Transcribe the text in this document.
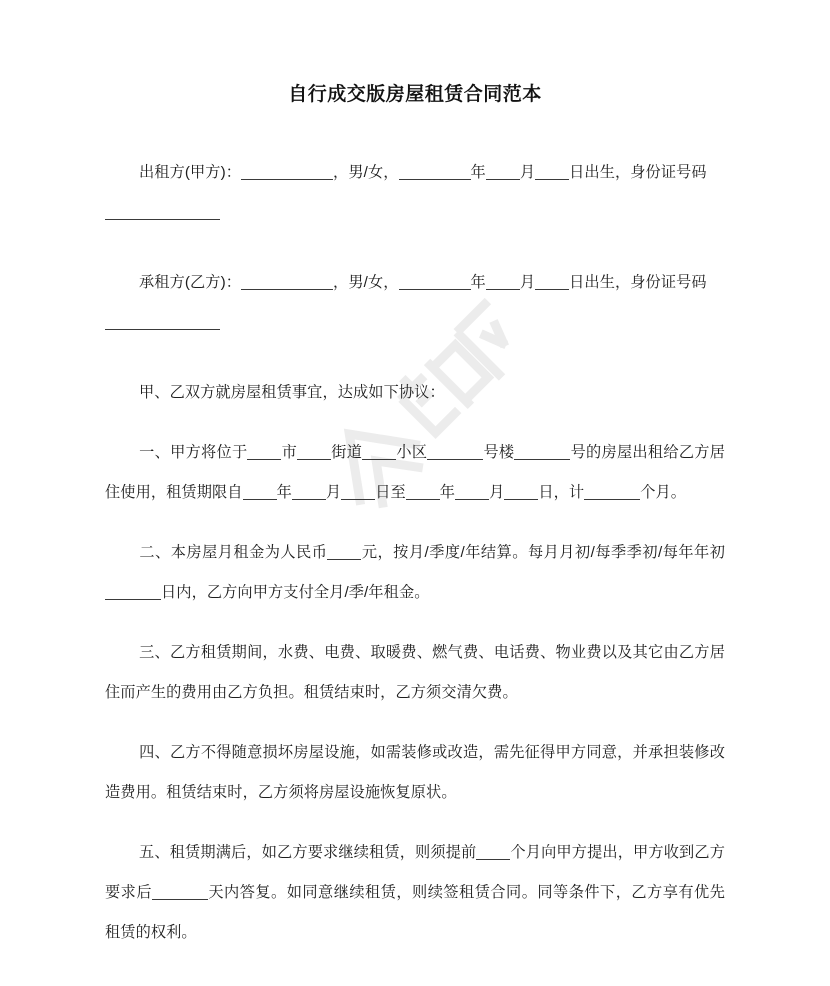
自行成交版房屋租赁合同范本

出租方(甲方)：	，男/女，	年 月 日出生，身份证号码

承租方(乙方)：	，男/女，	年 月 日出生，身份证号码

甲、乙双方就房屋租赁事宜，达成如下协议：

一、甲方将位于 市 街道 小区	号楼	号的房屋出租给乙方居住使用，租赁期限自 年 月 日至 年 月 日，计	个月。

二、本房屋月租金为人民币 元，按月/季度/年结算。每月月初/每季季初/每年年初日内，乙方向甲方支付全月/季/年租金。

三、乙方租赁期间，水费、电费、取暖费、燃气费、电话费、物业费以及其它由乙方居住而产生的费用由乙方负担。租赁结束时，乙方须交清欠费。

四、乙方不得随意损坏房屋设施，如需装修或改造，需先征得甲方同意，并承担装修改造费用。租赁结束时，乙方须将房屋设施恢复原状。

五、租赁期满后，如乙方要求继续租赁，则须提前 个月向甲方提出，甲方收到乙方要求后	天内答复。如同意继续租赁，则续签租赁合同。同等条件下，乙方享有优先租赁的权利。
